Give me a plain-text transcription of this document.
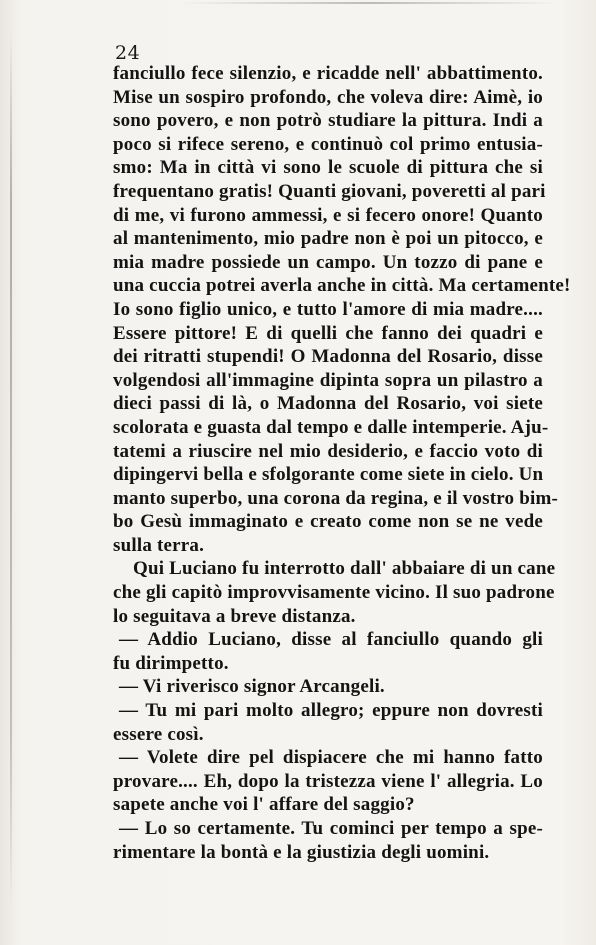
24
fanciullo fece silenzio, e ricadde nell' abbattimento.
Mise un sospiro profondo, che voleva dire: Aimè, io
sono povero, e non potrò studiare la pittura. Indi a
poco si rifece sereno, e continuò col primo entusia-
smo: Ma in città vi sono le scuole di pittura che si
frequentano gratis! Quanti giovani, poveretti al pari
di me, vi furono ammessi, e si fecero onore! Quanto
al mantenimento, mio padre non è poi un pitocco, e
mia madre possiede un campo. Un tozzo di pane e
una cuccia potrei averla anche in città. Ma certamente!
Io sono figlio unico, e tutto l'amore di mia madre....
Essere pittore! E di quelli che fanno dei quadri e
dei ritratti stupendi! O Madonna del Rosario, disse
volgendosi all'immagine dipinta sopra un pilastro a
dieci passi di là, o Madonna del Rosario, voi siete
scolorata e guasta dal tempo e dalle intemperie. Aju-
tatemi a riuscire nel mio desiderio, e faccio voto di
dipingervi bella e sfolgorante come siete in cielo. Un
manto superbo, una corona da regina, e il vostro bim-
bo Gesù immaginato e creato come non se ne vede
sulla terra.
Qui Luciano fu interrotto dall' abbaiare di un cane
che gli capitò improvvisamente vicino. Il suo padrone
lo seguitava a breve distanza.
— Addio Luciano, disse al fanciullo quando gli
fu dirimpetto.
— Vi riverisco signor Arcangeli.
— Tu mi pari molto allegro; eppure non dovresti
essere così.
— Volete dire pel dispiacere che mi hanno fatto
provare.... Eh, dopo la tristezza viene l' allegria. Lo
sapete anche voi l' affare del saggio?
— Lo so certamente. Tu cominci per tempo a spe-
rimentare la bontà e la giustizia degli uomini.
